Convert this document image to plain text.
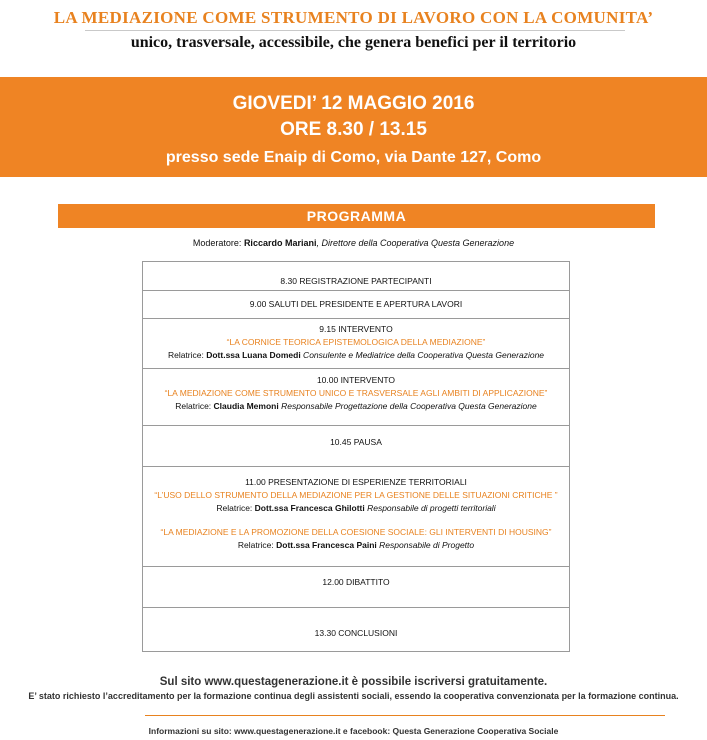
LA MEDIAZIONE COME STRUMENTO DI LAVORO CON LA COMUNITA’
unico, trasversale, accessibile, che genera benefici per il territorio
GIOVEDI’ 12 MAGGIO 2016
ORE 8.30 / 13.15
presso sede Enaip di Como, via Dante 127, Como
PROGRAMMA
Moderatore: Riccardo Mariani, Direttore della Cooperativa Questa Generazione
8.30 REGISTRAZIONE PARTECIPANTI
9.00 SALUTI DEL PRESIDENTE E APERTURA LAVORI
9.15 INTERVENTO
“LA CORNICE TEORICA EPISTEMOLOGICA DELLA MEDIAZIONE”
Relatrice: Dott.ssa Luana Domedi Consulente e Mediatrice della Cooperativa Questa Generazione
10.00 INTERVENTO
“LA MEDIAZIONE COME STRUMENTO UNICO E TRASVERSALE AGLI AMBITI DI APPLICAZIONE”
Relatrice: Claudia Memoni Responsabile Progettazione della Cooperativa Questa Generazione
10.45 PAUSA
11.00 PRESENTAZIONE DI ESPERIENZE TERRITORIALI
“L’USO DELLO STRUMENTO DELLA MEDIAZIONE PER LA GESTIONE DELLE SITUAZIONI CRITICHE ”
Relatrice: Dott.ssa Francesca Ghilotti Responsabile di progetti territoriali
“LA MEDIAZIONE E LA PROMOZIONE DELLA COESIONE SOCIALE: GLI INTERVENTI DI HOUSING”
Relatrice: Dott.ssa Francesca Paini Responsabile di Progetto
12.00 DIBATTITO
13.30 CONCLUSIONI
Sul sito www.questagenerazione.it è possibile iscriversi gratuitamente.
E’ stato richiesto l’accreditamento per la formazione continua degli assistenti sociali, essendo la cooperativa convenzionata per la formazione continua.
Informazioni su sito: www.questagenerazione.it e facebook: Questa Generazione Cooperativa Sociale
